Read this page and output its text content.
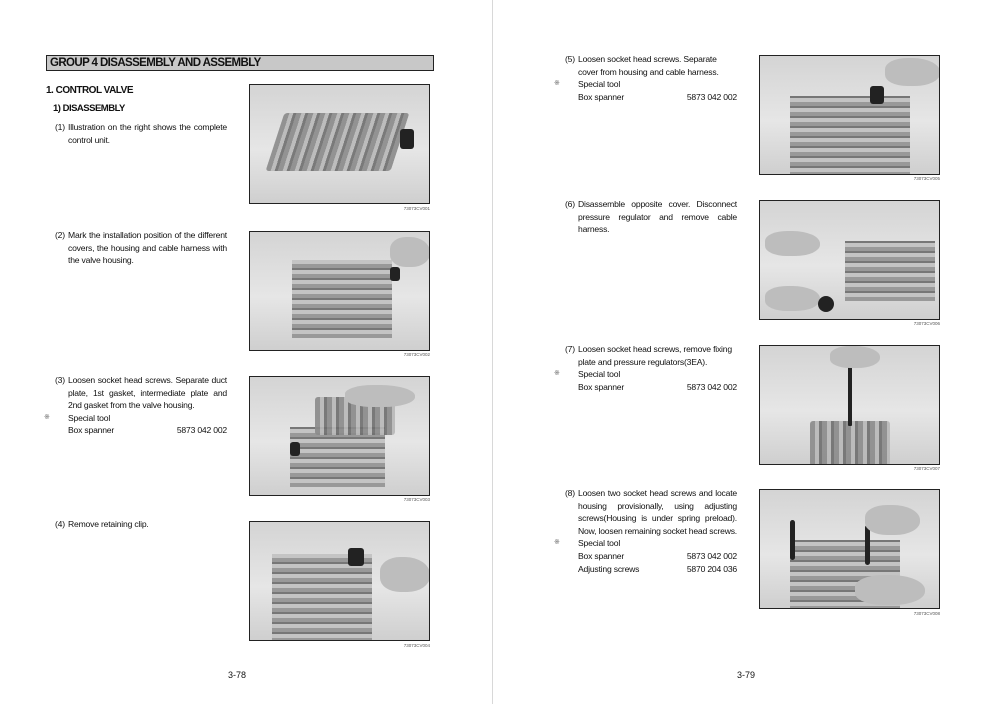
GROUP 4 DISASSEMBLY AND ASSEMBLY
1. CONTROL VALVE
1) DISASSEMBLY
(1) Illustration on the right shows the complete control unit.
(2) Mark the installation position of the different covers, the housing and cable harness with the valve housing.
(3) Loosen socket head screws. Separate duct plate, 1st gasket, intermediate plate and 2nd gasket from the valve housing.
※ Special tool
Box spanner	5873 042 002
(4) Remove retaining clip.
73073CV001
73073CV002
73073CV003
73073CV004
3-78
(5) Loosen socket head screws. Separate cover from housing and cable harness.
※ Special tool
Box spanner	5873 042 002
(6) Disassemble opposite cover. Disconnect pressure regulator and remove cable harness.
(7) Loosen socket head screws, remove fixing plate and pressure regulators(3EA).
※ Special tool
Box spanner	5873 042 002
(8) Loosen two socket head screws and locate housing provisionally, using adjusting screws(Housing is under spring preload). Now, loosen remaining socket head screws.
※ Special tool
Box spanner	5873 042 002
Adjusting screws	5870 204 036
73073CV005
73073CV006
73073CV007
73073CV008
3-79
